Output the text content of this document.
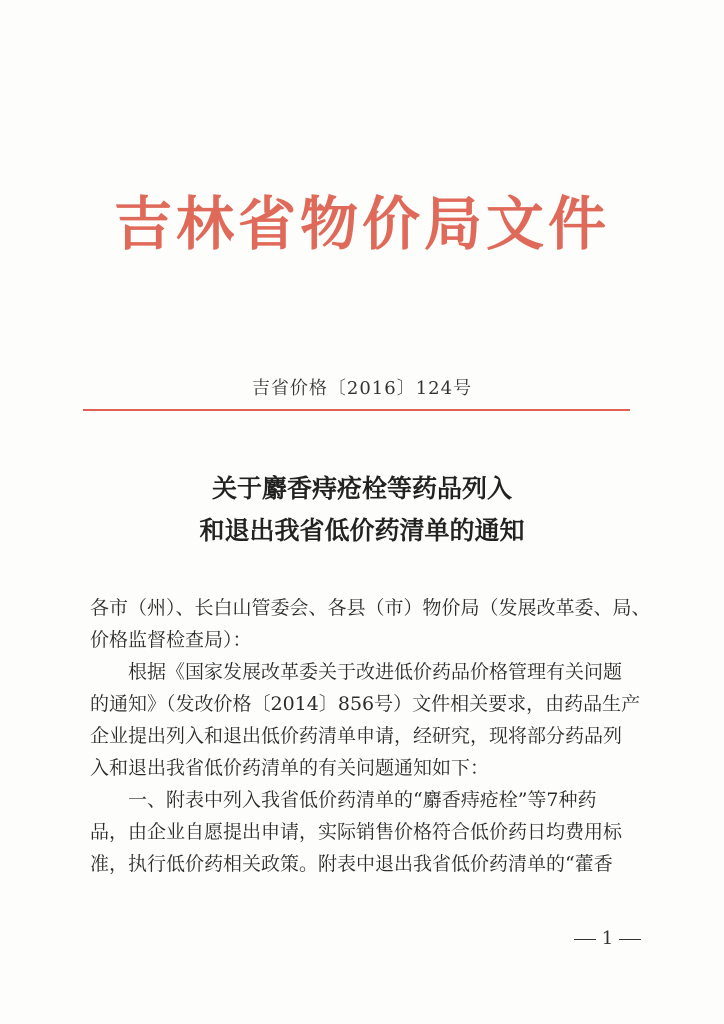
吉林省物价局文件
吉省价格〔2016〕124号
关于麝香痔疮栓等药品列入
和退出我省低价药清单的通知
各市（州）、长白山管委会、各县（市）物价局（发展改革委、局、
价格监督检查局）：
根据《国家发展改革委关于改进低价药品价格管理有关问题
的通知》（发改价格〔2014〕856号）文件相关要求，由药品生产
企业提出列入和退出低价药清单申请，经研究，现将部分药品列
入和退出我省低价药清单的有关问题通知如下：
一、附表中列入我省低价药清单的“麝香痔疮栓”等7种药
品，由企业自愿提出申请，实际销售价格符合低价药日均费用标
准，执行低价药相关政策。附表中退出我省低价药清单的“藿香
1
